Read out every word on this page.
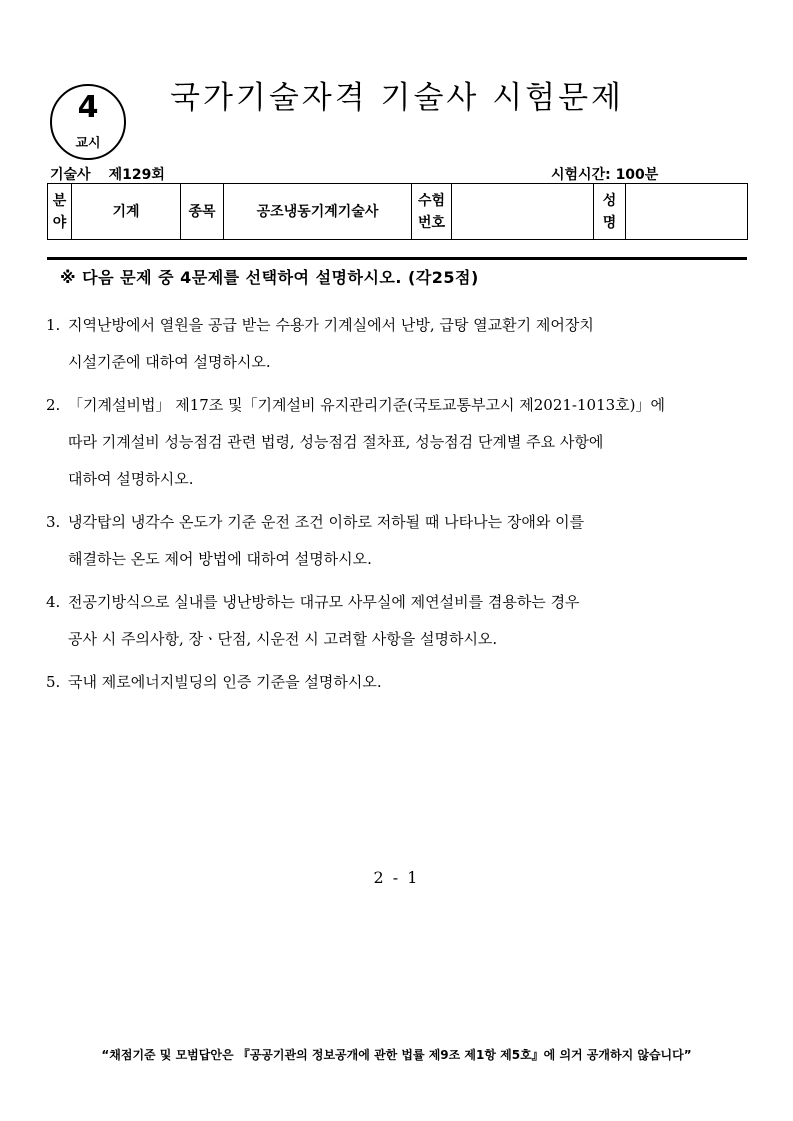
4
교시
국가기술자격 기술사 시험문제
기술사 제129회	시험시간: 100분
분야	기계	종목	공조냉동기계기술사	수험번호		성명	
※ 다음 문제 중 4문제를 선택하여 설명하시오. (각25점)
1. 지역난방에서 열원을 공급 받는 수용가 기계실에서 난방, 급탕 열교환기 제어장치
시설기준에 대하여 설명하시오.
2. 「기계설비법」 제17조 및「기계설비 유지관리기준(국토교통부고시 제2021-1013호)」에
따라 기계설비 성능점검 관련 법령, 성능점검 절차표, 성능점검 단계별 주요 사항에
대하여 설명하시오.
3. 냉각탑의 냉각수 온도가 기준 운전 조건 이하로 저하될 때 나타나는 장애와 이를
해결하는 온도 제어 방법에 대하여 설명하시오.
4. 전공기방식으로 실내를 냉난방하는 대규모 사무실에 제연설비를 겸용하는 경우
공사 시 주의사항, 장ㆍ단점, 시운전 시 고려할 사항을 설명하시오.
5. 국내 제로에너지빌딩의 인증 기준을 설명하시오.
2 - 1
“채점기준 및 모범답안은 『공공기관의 정보공개에 관한 법률 제9조 제1항 제5호』에 의거 공개하지 않습니다”
